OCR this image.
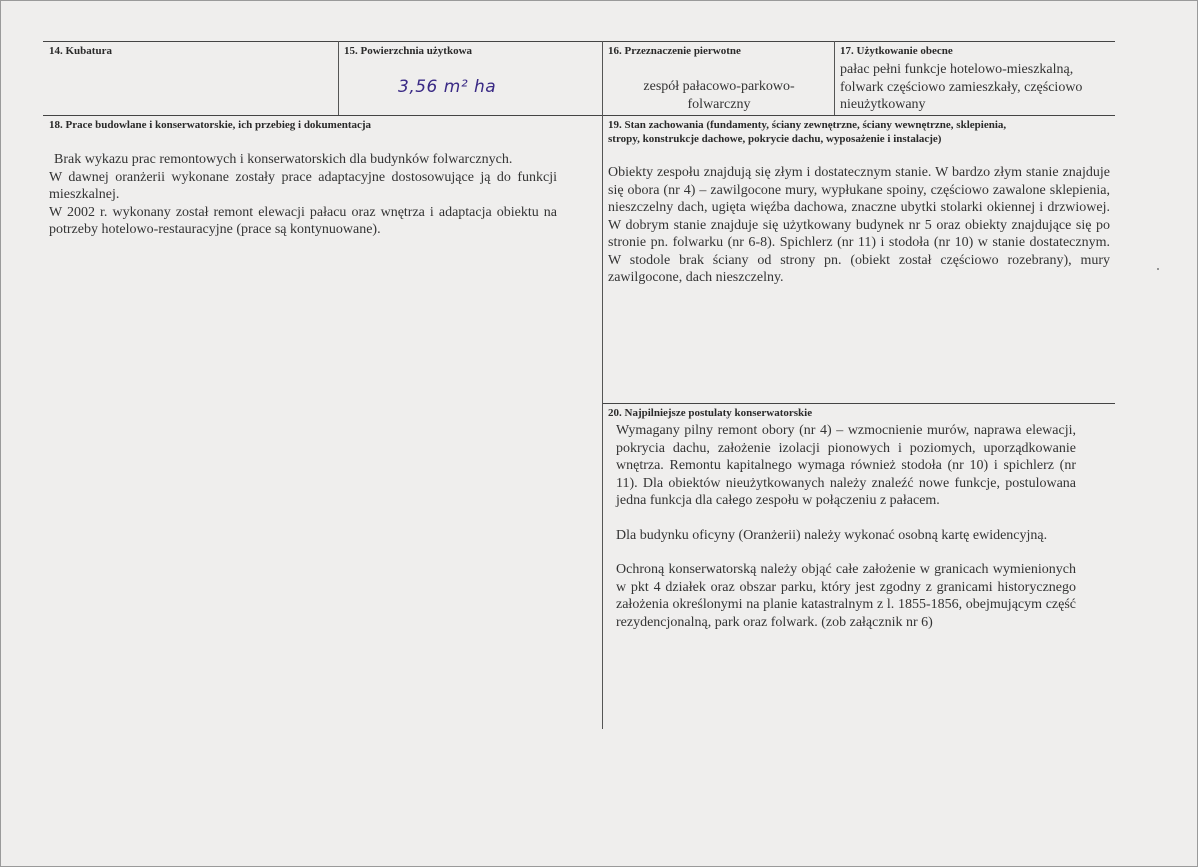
14. Kubatura	15. Powierzchnia użytkowa
3,56 m² ha
16. Przeznaczenie pierwotne
zespół pałacowo-parkowo-folwarczny
17. Użytkowanie obecne
pałac pełni funkcje hotelowo-mieszkalną, folwark częściowo zamieszkały, częściowo nieużytkowany
18. Prace budowlane i konserwatorskie, ich przebieg i dokumentacja

Brak wykazu prac remontowych i konserwatorskich dla budynków folwarcznych.

W dawnej oranżerii wykonane zostały prace adaptacyjne dostosowujące ją do funkcji mieszkalnej.

W 2002 r. wykonany został remont elewacji pałacu oraz wnętrza i adaptacja obiektu na potrzeby hotelowo-restauracyjne (prace są kontynuowane).

19. Stan zachowania (fundamenty, ściany zewnętrzne, ściany wewnętrzne, sklepienia,
stropy, konstrukcje dachowe, pokrycie dachu, wyposażenie i instalacje)
Obiekty zespołu znajdują się złym i dostatecznym stanie. W bardzo złym stanie znajduje się obora (nr 4) – zawilgocone mury, wypłukane spoiny, częściowo zawalone sklepienia, nieszczelny dach, ugięta więźba dachowa, znaczne ubytki stolarki okiennej i drzwiowej. W dobrym stanie znajduje się użytkowany budynek nr 5 oraz obiekty znajdujące się po stronie pn. folwarku (nr 6-8). Spichlerz (nr 11) i stodoła (nr 10) w stanie dostatecznym. W stodole brak ściany od strony pn. (obiekt został częściowo rozebrany), mury zawilgocone, dach nieszczelny.
20. Najpilniejsze postulaty konserwatorskie

Wymagany pilny remont obory (nr 4) – wzmocnienie murów, naprawa elewacji, pokrycia dachu, założenie izolacji pionowych i poziomych, uporządkowanie wnętrza. Remontu kapitalnego wymaga również stodoła (nr 10) i spichlerz (nr 11). Dla obiektów nieużytkowanych należy znaleźć nowe funkcje, postulowana jedna funkcja dla całego zespołu w połączeniu z pałacem.

Dla budynku oficyny (Oranżerii) należy wykonać osobną kartę ewidencyjną.

Ochroną konserwatorską należy objąć całe założenie w granicach wymienionych w pkt 4 działek oraz obszar parku, który jest zgodny z granicami historycznego założenia określonymi na planie katastralnym z l. 1855-1856, obejmującym część rezydencjonalną, park oraz folwark. (zob załącznik nr 6)
